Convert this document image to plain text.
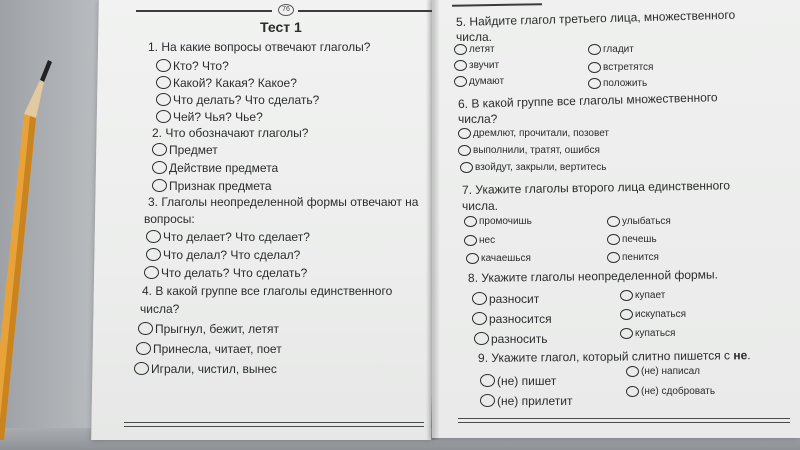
76
Тест 1
1. На какие вопросы отвечают глаголы?
Кто? Что?
Какой? Какая? Какое?
Что делать? Что сделать?
Чей? Чья? Чье?
2. Что обозначают глаголы?
Предмет
Действие предмета
Признак предмета
3. Глаголы неопределенной формы отвечают на
вопросы:
Что делает? Что сделает?
Что делал? Что сделал?
Что делать? Что сделать?
4. В какой группе все глаголы единственного
числа?
Прыгнул, бежит, летят
Принесла, читает, поет
Играли, чистил, вынес
5. Найдите глагол третьего лица, множественного
числа.
летят
звучит
думают
гладит
встретятся
положить
6. В какой группе все глаголы множественного
числа?
дремлют, прочитали, позовет
выполнили, тратят, ошибся
взойдут, закрыли, вертитесь
7. Укажите глаголы второго лица единственного
числа.
промочишь
нес
качаешься
улыбаться
печешь
пенится
8. Укажите глаголы неопределенной формы.
разносит
разносится
разносить
купает
искупаться
купаться
9. Укажите глагол, который слитно пишется с не.
(не) пишет
(не) прилетит
(не) написал
(не) сдобровать
